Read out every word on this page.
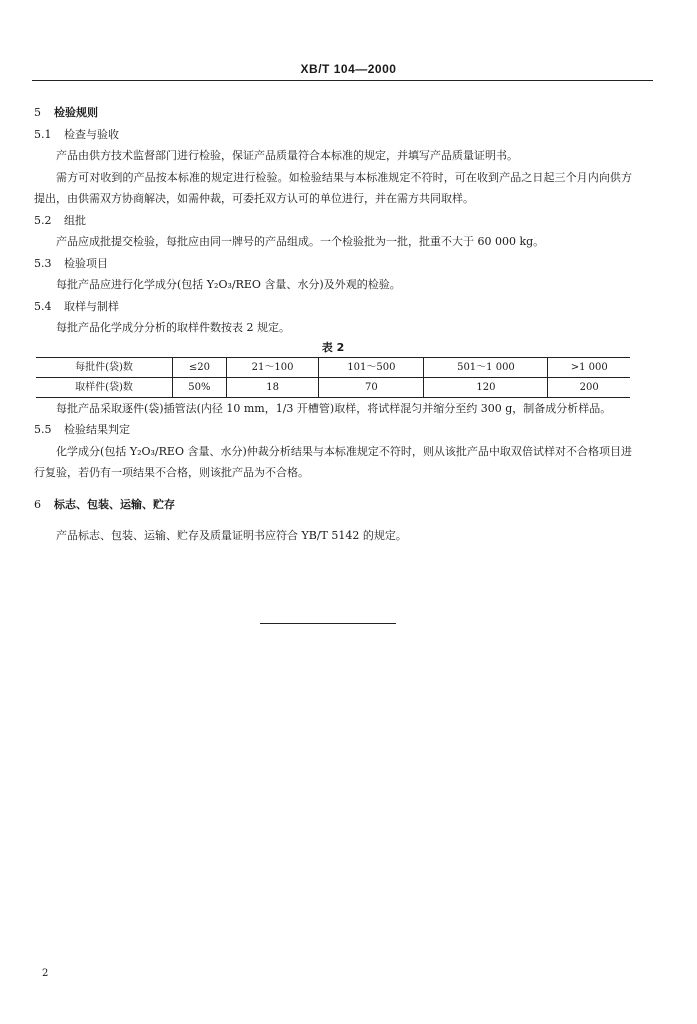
XB/T 104—2000
5 检验规则
5.1 检查与验收
产品由供方技术监督部门进行检验，保证产品质量符合本标准的规定，并填写产品质量证明书。
需方可对收到的产品按本标准的规定进行检验。如检验结果与本标准规定不符时，可在收到产品之日起三个月内向供方提出，由供需双方协商解决，如需仲裁，可委托双方认可的单位进行，并在需方共同取样。
5.2 组批
产品应成批提交检验，每批应由同一牌号的产品组成。一个检验批为一批，批重不大于 60 000 kg。
5.3 检验项目
每批产品应进行化学成分(包括 Y₂O₃/REO 含量、水分)及外观的检验。
5.4 取样与制样
每批产品化学成分分析的取样件数按表 2 规定。
表 2
每批件(袋)数	≤20	21～100	101～500	501～1 000	>1 000
取样件(袋)数	50%	18	70	120	200
每批产品采取逐件(袋)插管法(内径 10 mm，1/3 开槽管)取样，将试样混匀并缩分至约 300 g，制备成分析样品。
5.5 检验结果判定
化学成分(包括 Y₂O₃/REO 含量、水分)仲裁分析结果与本标准规定不符时，则从该批产品中取双倍试样对不合格项目进行复验，若仍有一项结果不合格，则该批产品为不合格。
6 标志、包装、运输、贮存
产品标志、包装、运输、贮存及质量证明书应符合 YB/T 5142 的规定。
2
